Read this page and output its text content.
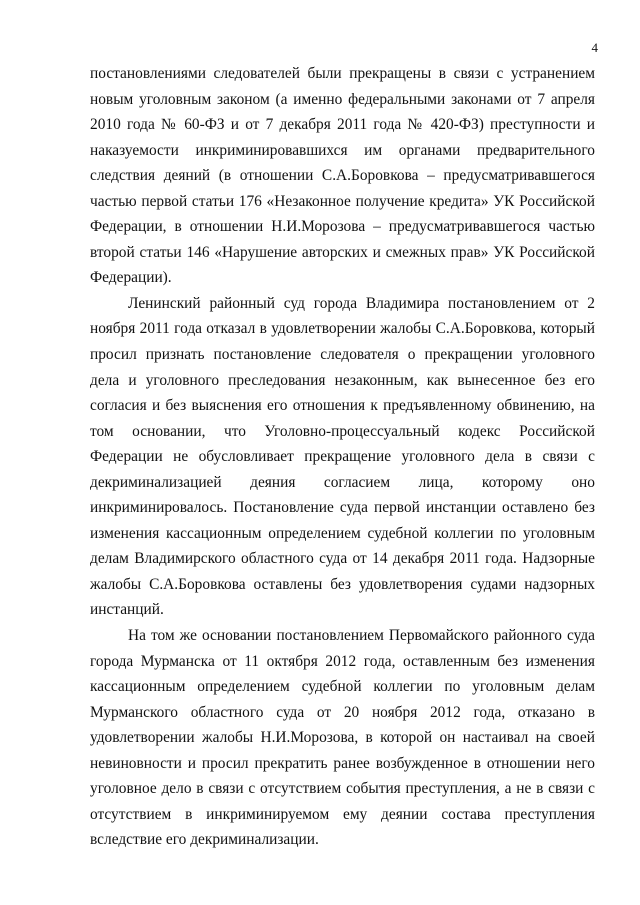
4

постановлениями следователей были прекращены в связи с устранением новым уголовным законом (а именно федеральными законами от 7 апреля 2010 года № 60-ФЗ и от 7 декабря 2011 года № 420-ФЗ) преступности и наказуемости инкриминировавшихся им органами предварительного следствия деяний (в отношении С.А.Боровкова – предусматривавшегося частью первой статьи 176 «Незаконное получение кредита» УК Российской Федерации, в отношении Н.И.Морозова – предусматривавшегося частью второй статьи 146 «Нарушение авторских и смежных прав» УК Российской Федерации).

Ленинский районный суд города Владимира постановлением от 2 ноября 2011 года отказал в удовлетворении жалобы С.А.Боровкова, который просил признать постановление следователя о прекращении уголовного дела и уголовного преследования незаконным, как вынесенное без его согласия и без выяснения его отношения к предъявленному обвинению, на том основании, что Уголовно-процессуальный кодекс Российской Федерации не обусловливает прекращение уголовного дела в связи с декриминализацией деяния согласием лица, которому оно инкриминировалось. Постановление суда первой инстанции оставлено без изменения кассационным определением судебной коллегии по уголовным делам Владимирского областного суда от 14 декабря 2011 года. Надзорные жалобы С.А.Боровкова оставлены без удовлетворения судами надзорных инстанций.

На том же основании постановлением Первомайского районного суда города Мурманска от 11 октября 2012 года, оставленным без изменения кассационным определением судебной коллегии по уголовным делам Мурманского областного суда от 20 ноября 2012 года, отказано в удовлетворении жалобы Н.И.Морозова, в которой он настаивал на своей невиновности и просил прекратить ранее возбужденное в отношении него уголовное дело в связи с отсутствием события преступления, а не в связи с отсутствием в инкриминируемом ему деянии состава преступления вследствие его декриминализации.
